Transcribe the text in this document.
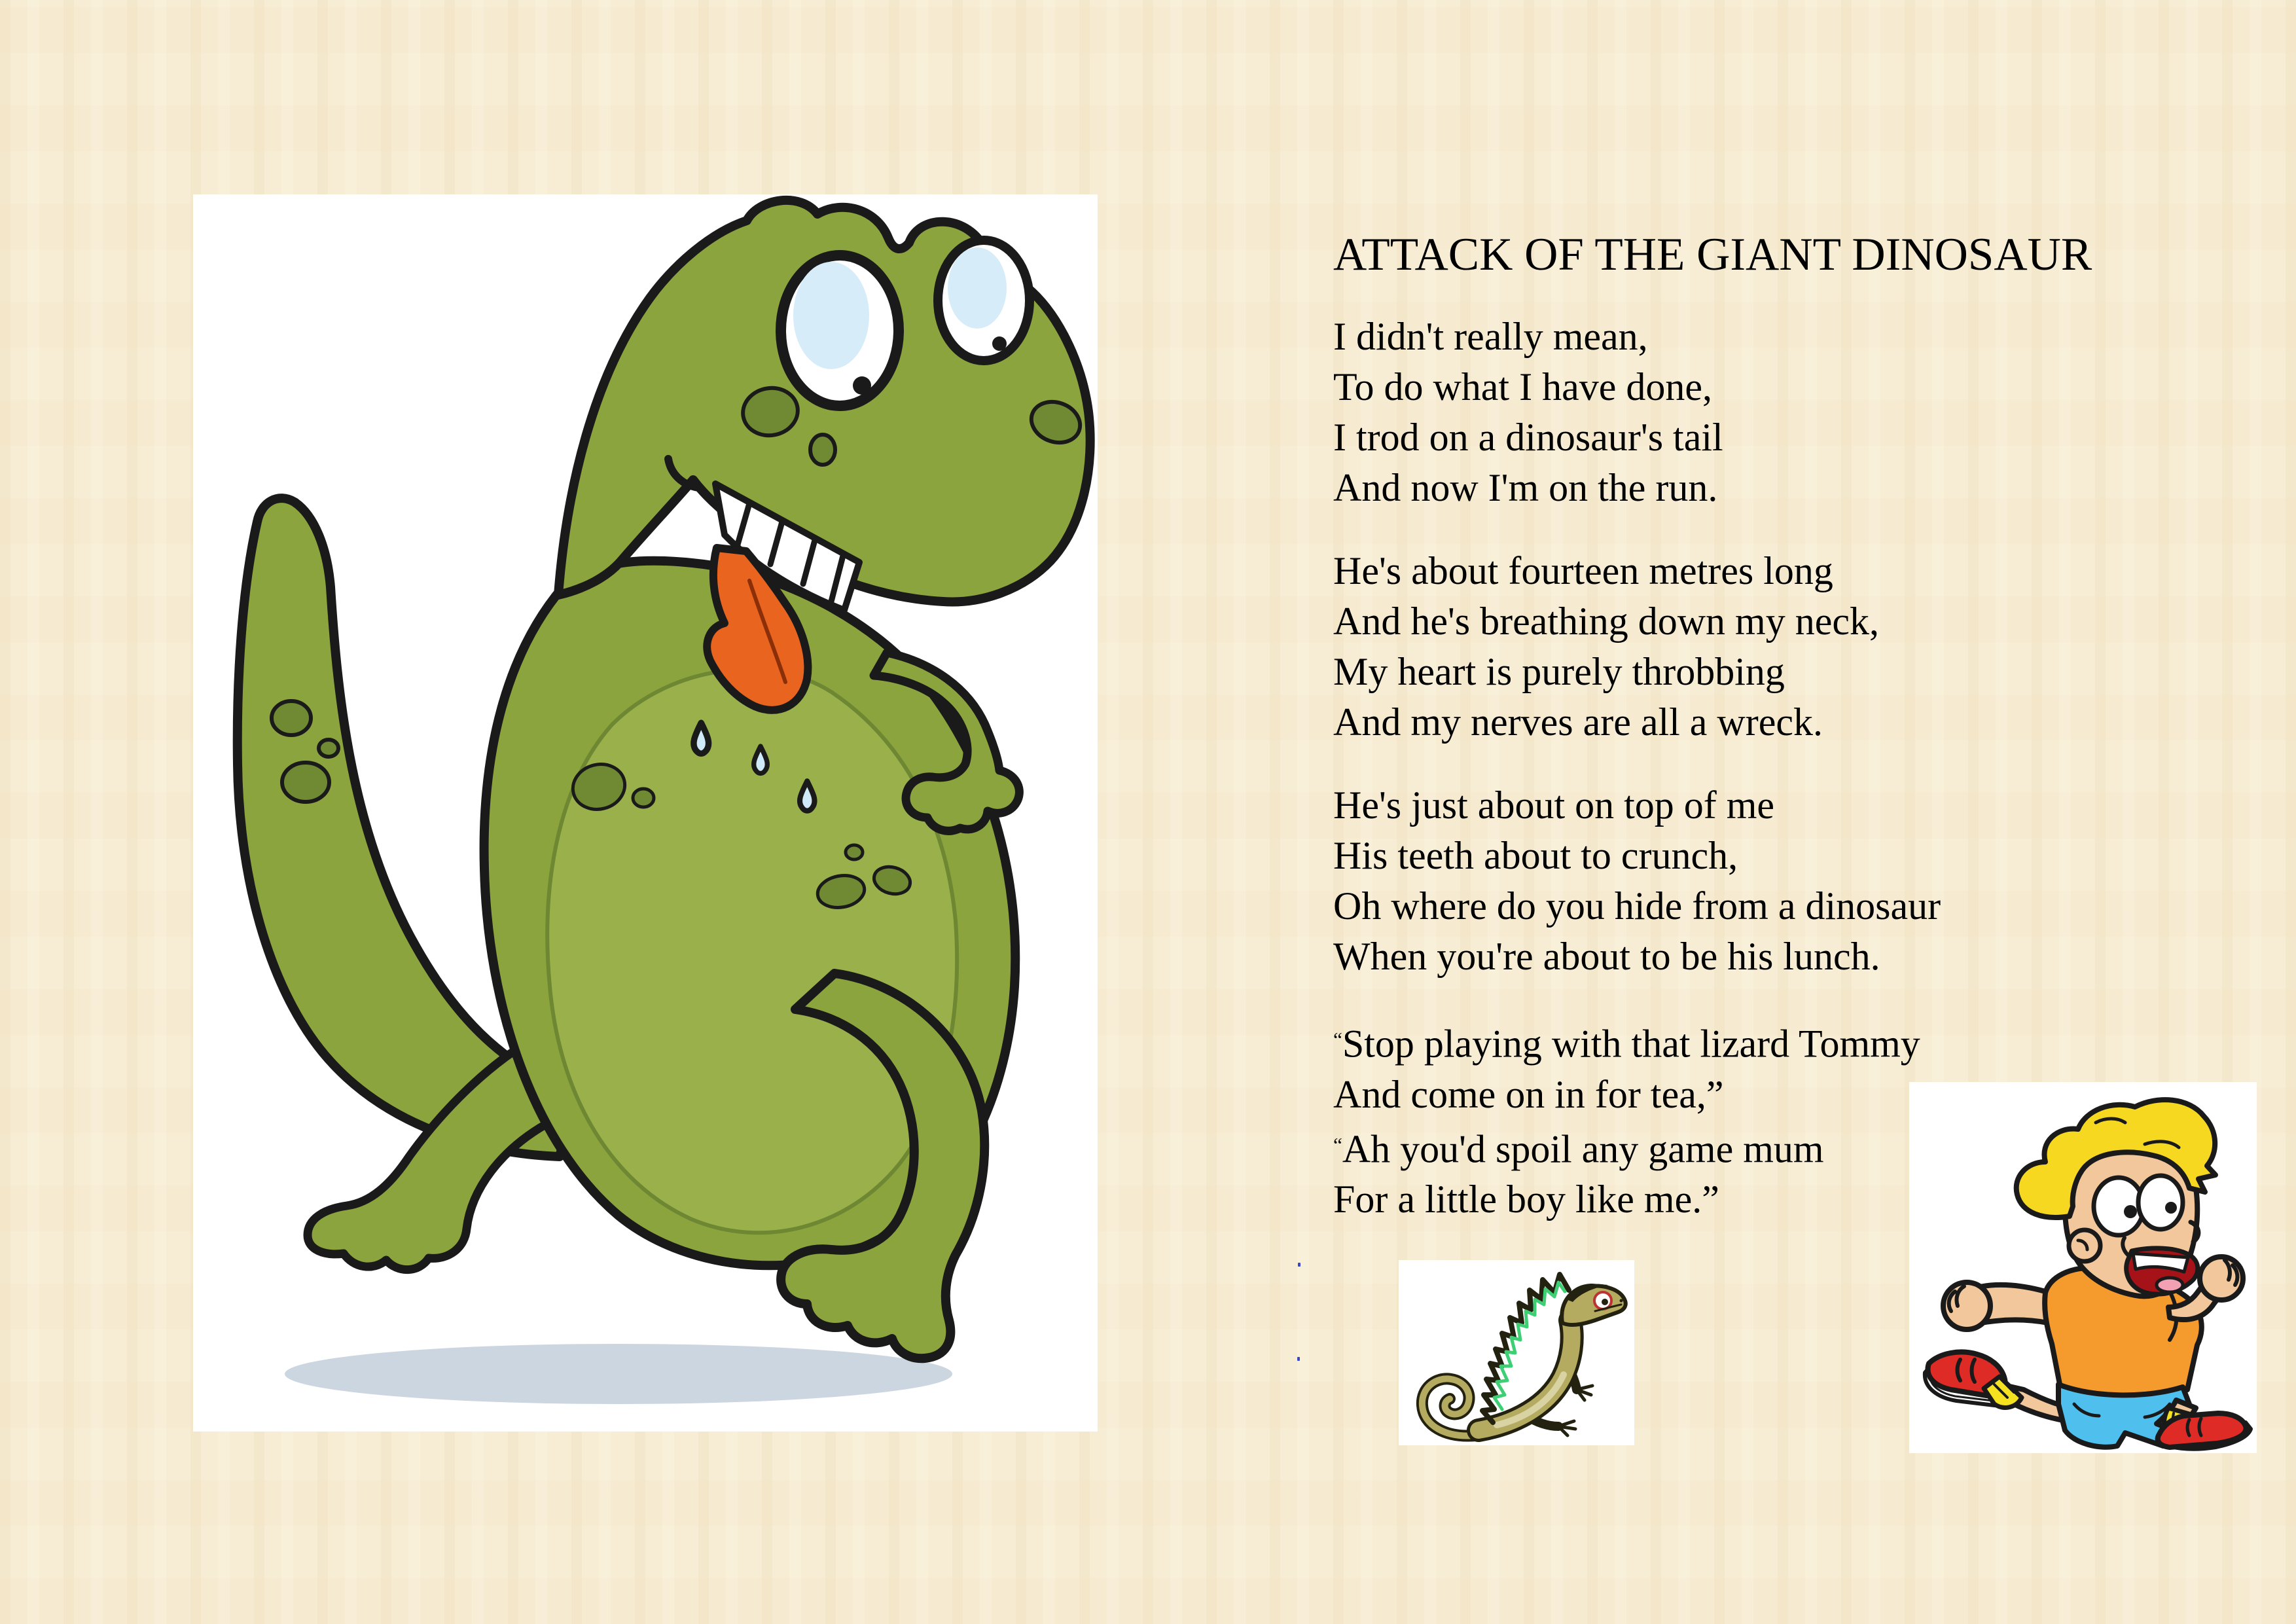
ATTACK OF THE GIANT DINOSAUR
I didn't really mean,
To do what I have done,
I trod on a dinosaur's tail
And now I'm on the run.
He's about fourteen metres long
And he's breathing down my neck,
My heart is purely throbbing
And my nerves are all a wreck.
He's just about on top of me
His teeth about to crunch,
Oh where do you hide from a dinosaur
When you're about to be his lunch.
“Stop playing with that lizard Tommy
And come on in for tea,”
“Ah you'd spoil any game mum
For a little boy like me.”
